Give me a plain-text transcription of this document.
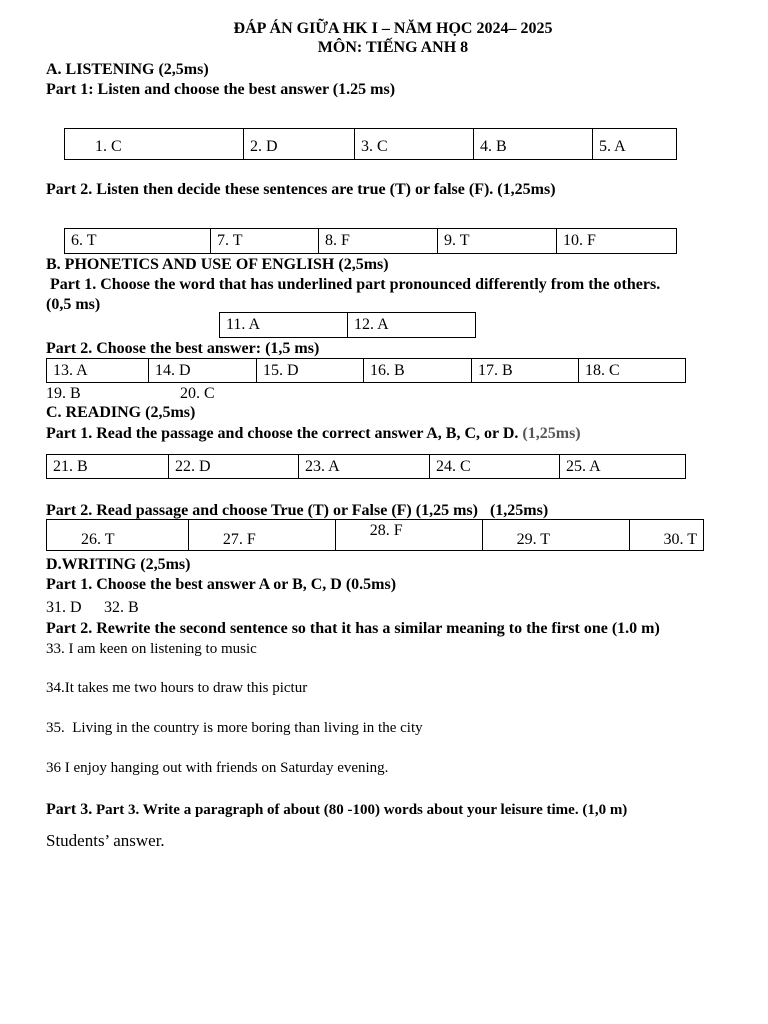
ĐÁP ÁN GIỮA HK I – NĂM HỌC 2024– 2025
MÔN: TIẾNG ANH 8
A. LISTENING (2,5ms)
Part 1: Listen and choose the best answer (1.25 ms)
1. C	2. D	3. C	4. B	5. A
Part 2. Listen then decide these sentences are true (T) or false (F). (1,25ms)
6. T	7. T	8. F	9. T	10. F
B. PHONETICS AND USE OF ENGLISH (2,5ms)
Part 1. Choose the word that has underlined part pronounced differently from the others.
(0,5 ms)
11. A	12. A
Part 2. Choose the best answer: (1,5 ms)
13. A	14. D	15. D	16. B	17. B	18. C
19. B	20. C
C. READING (2,5ms)
Part 1. Read the passage and choose the correct answer A, B, C, or D. (1,25ms)
21. B	22. D	23. A	24. C	25. A
Part 2. Read passage and choose True (T) or False (F) (1,25 ms)   (1,25ms)
26. T	27. F	28. F	29. T	30. T
D.WRITING (2,5ms)
Part 1. Choose the best answer A or B, C, D (0.5ms)
31. D 32. B
Part 2. Rewrite the second sentence so that it has a similar meaning to the first one (1.0 m)
33. I am keen on listening to music
34.It takes me two hours to draw this pictur
35.  Living in the country is more boring than living in the city
36 I enjoy hanging out with friends on Saturday evening.
Part 3. Part 3. Write a paragraph of about (80 -100) words about your leisure time. (1,0 m)
Students’ answer.
